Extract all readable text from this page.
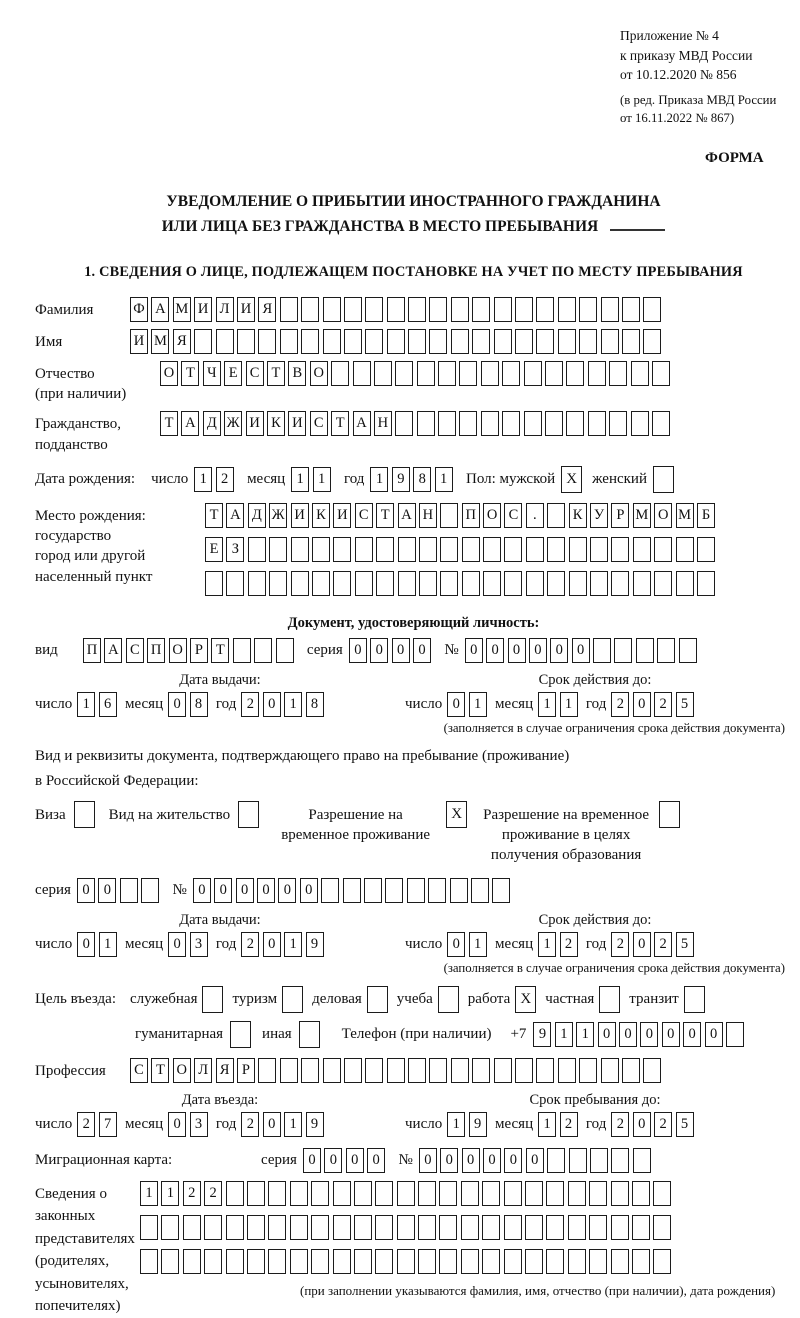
Приложение № 4
к приказу МВД России
от 10.12.2020 № 856
(в ред. Приказа МВД России
от 16.11.2022 № 867)
ФОРМА
УВЕДОМЛЕНИЕ О ПРИБЫТИИ ИНОСТРАННОГО ГРАЖДАНИНА
ИЛИ ЛИЦА БЕЗ ГРАЖДАНСТВА В МЕСТО ПРЕБЫВАНИЯ
1. СВЕДЕНИЯ О ЛИЦЕ, ПОДЛЕЖАЩЕМ ПОСТАНОВКЕ НА УЧЕТ ПО МЕСТУ ПРЕБЫВАНИЯ
Фамилия	Ф А М И Л И Я
Имя	И М Я
Отчество
(при наличии)
О Т Ч Е С Т В О
Гражданство,
подданство
Т А Д Ж И К И С Т А Н
Дата рождения: число 1 2	месяц 1 1	год 1 9 8 1	Пол: мужской X	женский
Место рождения:
государство
город или другой
населенный пункт
Т А Д Ж И К И С Т А Н П О С	.	К У Р М О М Б
Е З
Документ, удостоверяющий личность:
вид	П А С П О Р Т	серия 0 0 0 0	№ 0 0 0 0 0 0
Дата выдачи:
число 1 6 месяц 0 8 год 2 0 1 8
Срок действия до:
число 0 1 месяц 1 1 год 2 0 2 5
(заполняется в случае ограничения срока действия документа)
Вид и реквизиты документа, подтверждающего право на пребывание (проживание)
в Российской Федерации:
Виза	Вид на жительство	Разрешение на временное проживание
X	Разрешение на временное проживание в целях получения образования
серия 0 0	№ 0 0 0 0 0 0
Дата выдачи:
число 0 1 месяц 0 3 год 2 0 1 9
Срок действия до:
число 0 1 месяц 1 2 год 2 0 2 5
(заполняется в случае ограничения срока действия документа)
Цель въезда: служебная туризм деловая учеба работа X частная транзит
гуманитарная	иная	Телефон (при наличии) +7 9 1 1 0 0 0 0 0 0
Профессия	С Т О Л Я Р
Дата въезда:
число 2 7 месяц 0 3 год 2 0 1 9
Срок пребывания до:
число 1 9 месяц 1 2 год 2 0 2 5
Миграционная карта:	серия 0 0 0 0	№ 0 0 0 0 0 0
Сведения о
законных
представителях
(родителях,
усыновителях,
попечителях)
1 1 2 2
(при заполнении указываются фамилия, имя, отчество (при наличии), дата рождения)
